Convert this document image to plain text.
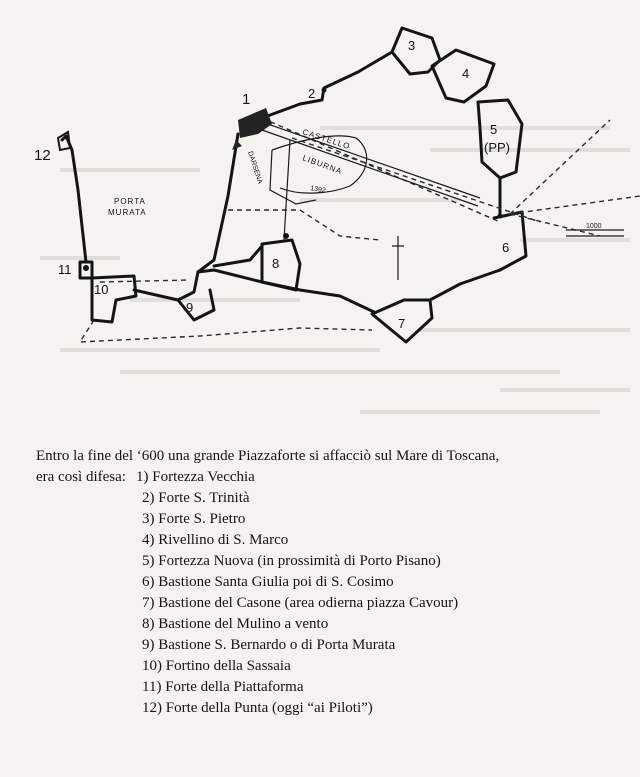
1	2
3
4
5
(PP)
6
7
8
9
10
11
12
PORTA
MURATA
CASTELLO
LIBURNA
DARSENA
1392
1000

Entro la fine del ‘600 una grande Piazzaforte si affacciò sul Mare di Toscana,

era così difesa: 1) Fortezza Vecchia
2) Forte S. Trinità
3) Forte S. Pietro
4) Rivellino di S. Marco
5) Fortezza Nuova (in prossimità di Porto Pisano)
6) Bastione Santa Giulia poi di S. Cosimo
7) Bastione del Casone (area odierna piazza Cavour)
8) Bastione del Mulino a vento
9) Bastione S. Bernardo o di Porta Murata
10) Fortino della Sassaia
11) Forte della Piattaforma
12) Forte della Punta (oggi “ai Piloti”)
